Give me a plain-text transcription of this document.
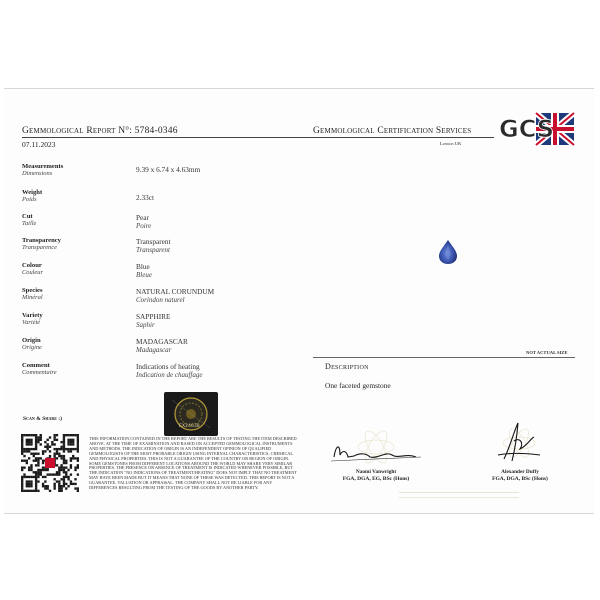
Gemmological Report N°: 5784-0346
07.11.2023
Gemmological Certification Services
London UK
GCS
Measurements
Dimensions	9.39 x 6.74 x 4.63mm
Weight
Poids	2.33ct
Cut
Taille
Pear
Poire
Transparency
Transparence
Transparent
Transparent
Colour
Couleur
Blue
Bleue
Species
Minéral
NATURAL CORUNDUM
Corindon naturel
Variety
Variété
SAPPHIRE
Saphir
Origin
Origine
MADAGASCAR
Madagascar
Comment
Commentaire
Indications of heating
Indication de chauffage
NOT ACTUAL SIZE
Description
One faceted gemstone
Scan & Share :)
EX24638
THIS INFORMATION CONTAINED IN THE REPORT ARE THE RESULTS OF TESTING THE ITEM DESCRIBED ABOVE, AT THE TIME OF EXAMINATION AND BASED ON ACCEPTED GEMMOLOGICAL INSTRUMENTS AND METHODS. THE INDICATION OF ORIGIN IS AN INDEPENDENT OPINION OF QUALIFIED GEMMOLOGISTS OF THE MOST PROBABLE ORIGIN USING INTERNAL CHARACTERISTICS, CHEMICAL AND PHYSICAL PROPERTIES. THIS IS NOT A GUARANTEE OF THE COUNTRY OR REGION OF ORIGIN. SOME GEMSTONES FROM DIFFERENT LOCATIONS AROUND THE WORLD MAY SHARE VERY SIMILAR PROPERTIES. THE PRESENCE OR ABSENCE OF TREATMENT IS INDICATED WHENEVER POSSIBLE, BUT THE INDICATION "NO INDICATIONS OF TREATMENT/HEATING" DOES NOT IMPLY THAT NO TREATMENT MAY HAVE BEEN MADE BUT IT MEANS THAT NONE OF THESE WAS DETECTED. THIS REPORT IS NOT A GUARANTEE, VALUATION OR APPRAISAL. THE COMPANY SHALL NOT BE LIABLE FOR ANY DIFFERENCES RESULTING FROM THE TESTING OF THE GOODS BY ANOTHER PARTY.
Naomi Vanwright
FGA, DGA, EG, BSc (Hons)
Alexander Duffy
FGA, DGA, BSc (Hons)
